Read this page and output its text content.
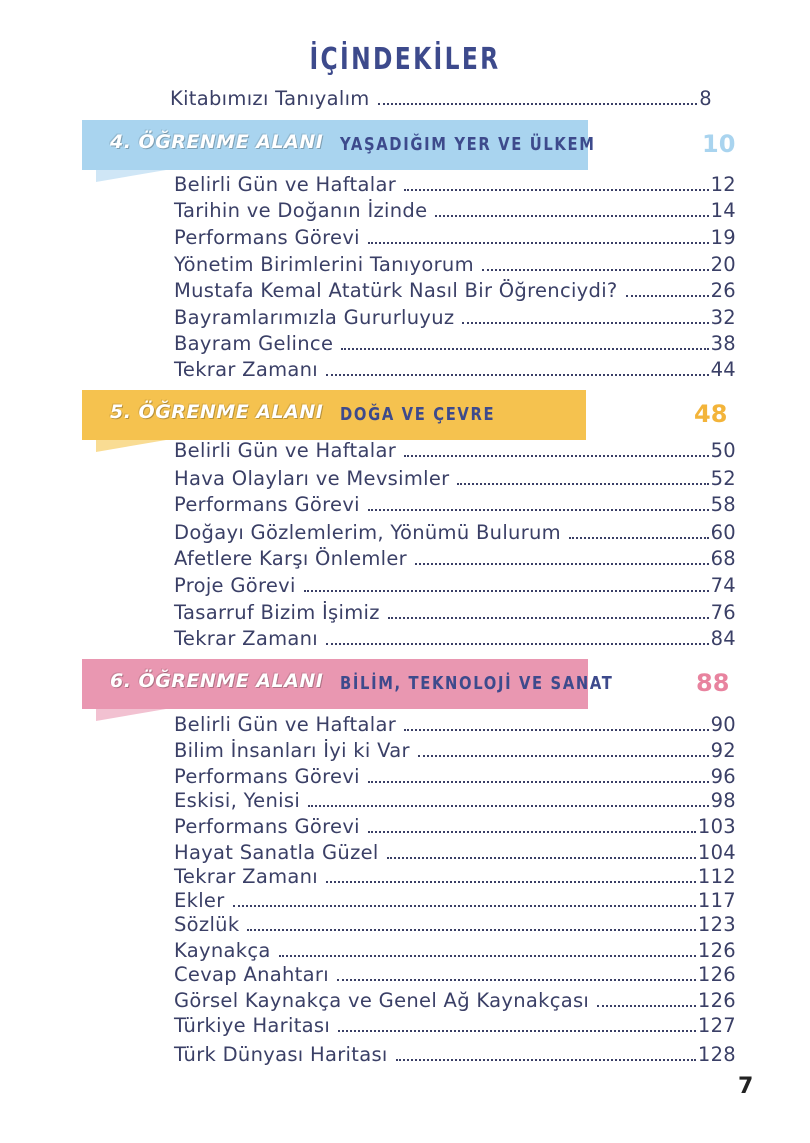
İÇİNDEKİLER
Kitabımızı Tanıyalım	8
4. ÖĞRENME ALANI YAŞADIĞIM YER VE ÜLKEM	10
Belirli Gün ve Haftalar	12
Tarihin ve Doğanın İzinde	14
Performans Görevi	19
Yönetim Birimlerini Tanıyorum	20
Mustafa Kemal Atatürk Nasıl Bir Öğrenciydi?	26
Bayramlarımızla Gururluyuz	32
Bayram Gelince	38
Tekrar Zamanı	44
5. ÖĞRENME ALANI DOĞA VE ÇEVRE	48
Belirli Gün ve Haftalar	50
Hava Olayları ve Mevsimler	52
Performans Görevi	58
Doğayı Gözlemlerim, Yönümü Bulurum	60
Afetlere Karşı Önlemler	68
Proje Görevi	74
Tasarruf Bizim İşimiz	76
Tekrar Zamanı	84
6. ÖĞRENME ALANI BİLİM, TEKNOLOJİ VE SANAT	88
Belirli Gün ve Haftalar	90
Bilim İnsanları İyi ki Var	92
Performans Görevi	96
Eskisi, Yenisi	98
Performans Görevi	103
Hayat Sanatla Güzel	104
Tekrar Zamanı	112
Ekler	117
Sözlük	123
Kaynakça	126
Cevap Anahtarı	126
Görsel Kaynakça ve Genel Ağ Kaynakçası	126
Türkiye Haritası	127
Türk Dünyası Haritası	128
7
